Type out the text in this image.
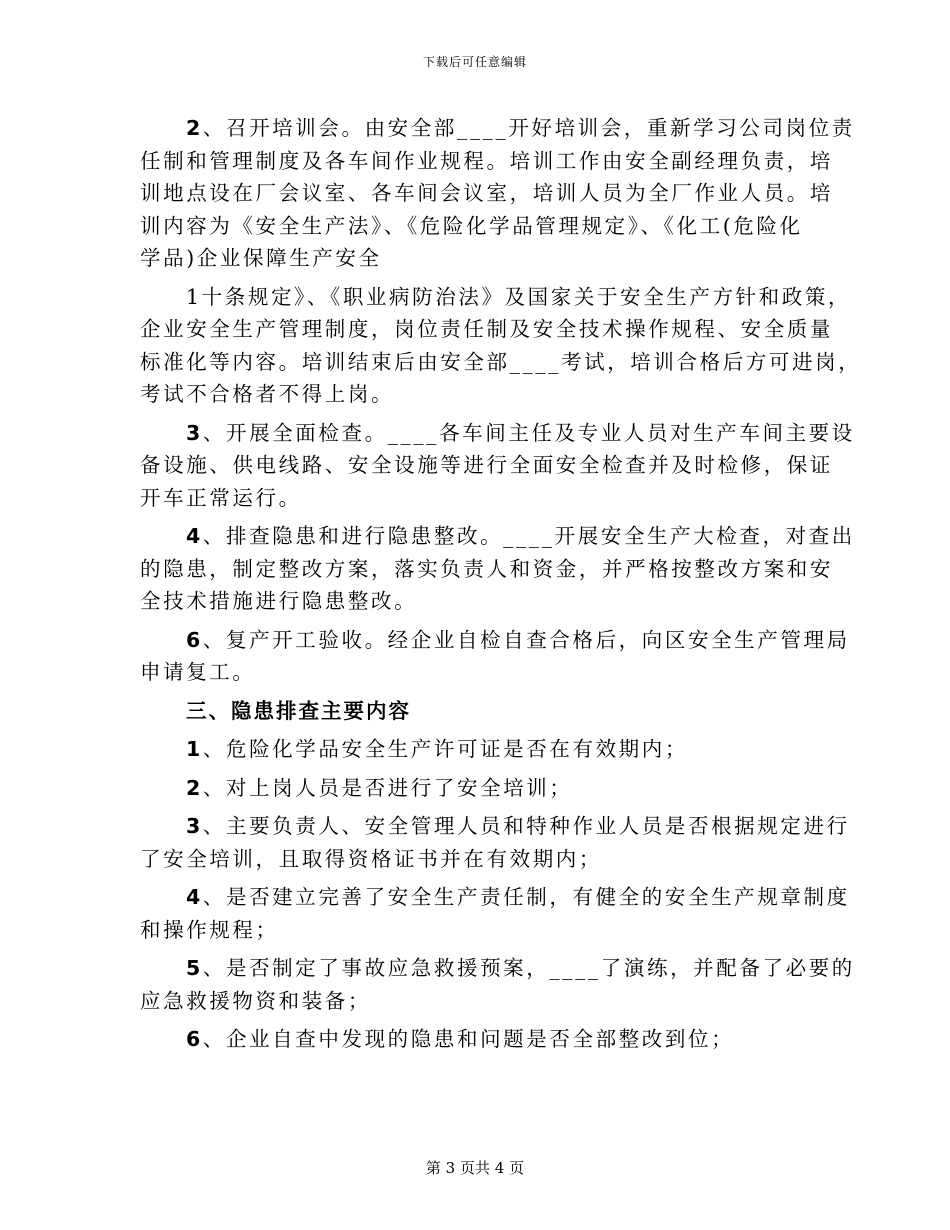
下载后可任意编辑
2、召开培训会。由安全部____开好培训会，重新学习公司岗位责
任制和管理制度及各车间作业规程。培训工作由安全副经理负责，培
训地点设在厂会议室、各车间会议室，培训人员为全厂作业人员。培
训内容为《安全生产法》、《危险化学品管理规定》、《化工(危险化
学品)企业保障生产安全
1十条规定》、《职业病防治法》及国家关于安全生产方针和政策，
企业安全生产管理制度，岗位责任制及安全技术操作规程、安全质量
标准化等内容。培训结束后由安全部____考试，培训合格后方可进岗，
考试不合格者不得上岗。
3、开展全面检查。____各车间主任及专业人员对生产车间主要设
备设施、供电线路、安全设施等进行全面安全检查并及时检修，保证
开车正常运行。
4、排查隐患和进行隐患整改。____开展安全生产大检查，对查出
的隐患，制定整改方案，落实负责人和资金，并严格按整改方案和安
全技术措施进行隐患整改。
6、复产开工验收。经企业自检自查合格后，向区安全生产管理局
申请复工。
三、隐患排查主要内容
1、危险化学品安全生产许可证是否在有效期内；
2、对上岗人员是否进行了安全培训；
3、主要负责人、安全管理人员和特种作业人员是否根据规定进行
了安全培训，且取得资格证书并在有效期内；
4、是否建立完善了安全生产责任制，有健全的安全生产规章制度
和操作规程；
5、是否制定了事故应急救援预案，____了演练，并配备了必要的
应急救援物资和装备；
6、企业自查中发现的隐患和问题是否全部整改到位；
第 3 页共 4 页
